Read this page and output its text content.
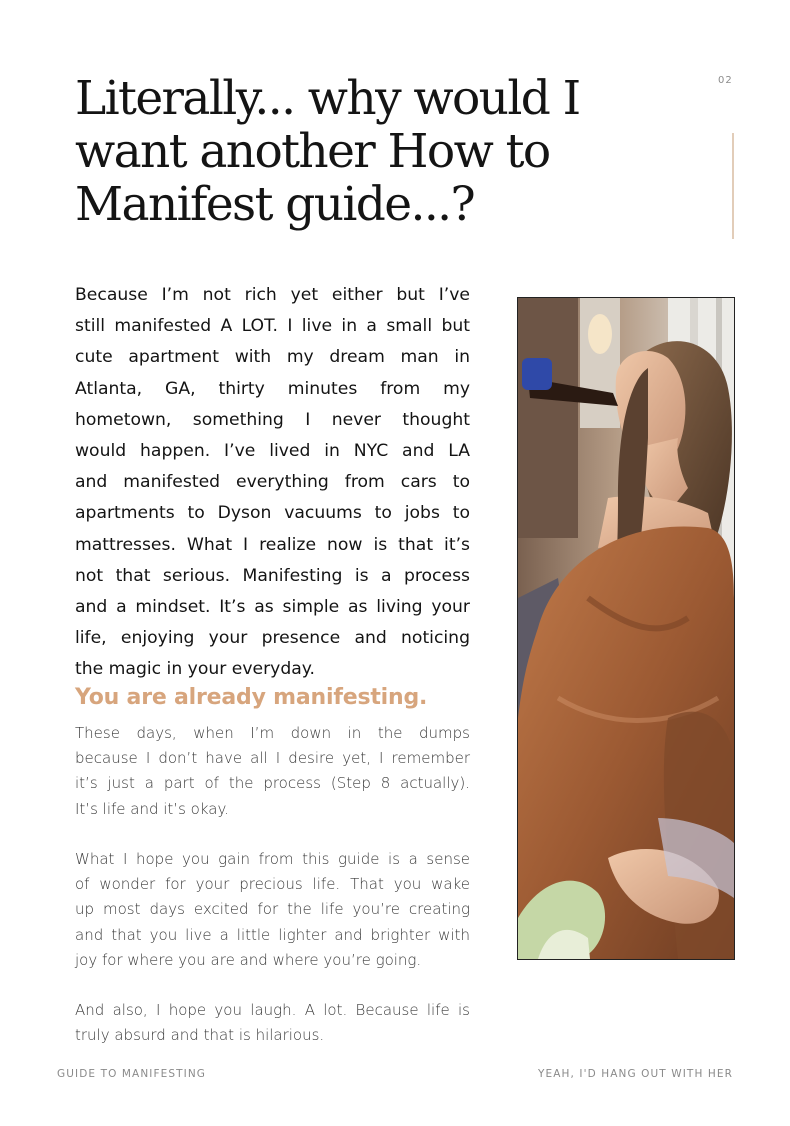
Literally... why would I
want another How to
Manifest guide...?
02

Because I’m not rich yet either but I’ve
still manifested A LOT. I live in a small but
cute apartment with my dream man in
Atlanta, GA, thirty minutes from my
hometown, something I never thought
would happen. I’ve lived in NYC and LA
and manifested everything from cars to
apartments to Dyson vacuums to jobs to
mattresses. What I realize now is that it’s
not that serious. Manifesting is a process
and a mindset. It’s as simple as living your
life, enjoying your presence and noticing
the magic in your everyday.

You are already manifesting.

These days, when I’m down in the dumps
because I don’t have all I desire yet, I remember
it’s just a part of the process (Step 8 actually).
It’s life and it’s okay.

What I hope you gain from this guide is a sense
of wonder for your precious life. That you wake
up most days excited for the life you’re creating
and that you live a little lighter and brighter with
joy for where you are and where you’re going.

And also, I hope you laugh. A lot. Because life is
truly absurd and that is hilarious.

GUIDE TO MANIFESTING	YEAH, I'D HANG OUT WITH HER
